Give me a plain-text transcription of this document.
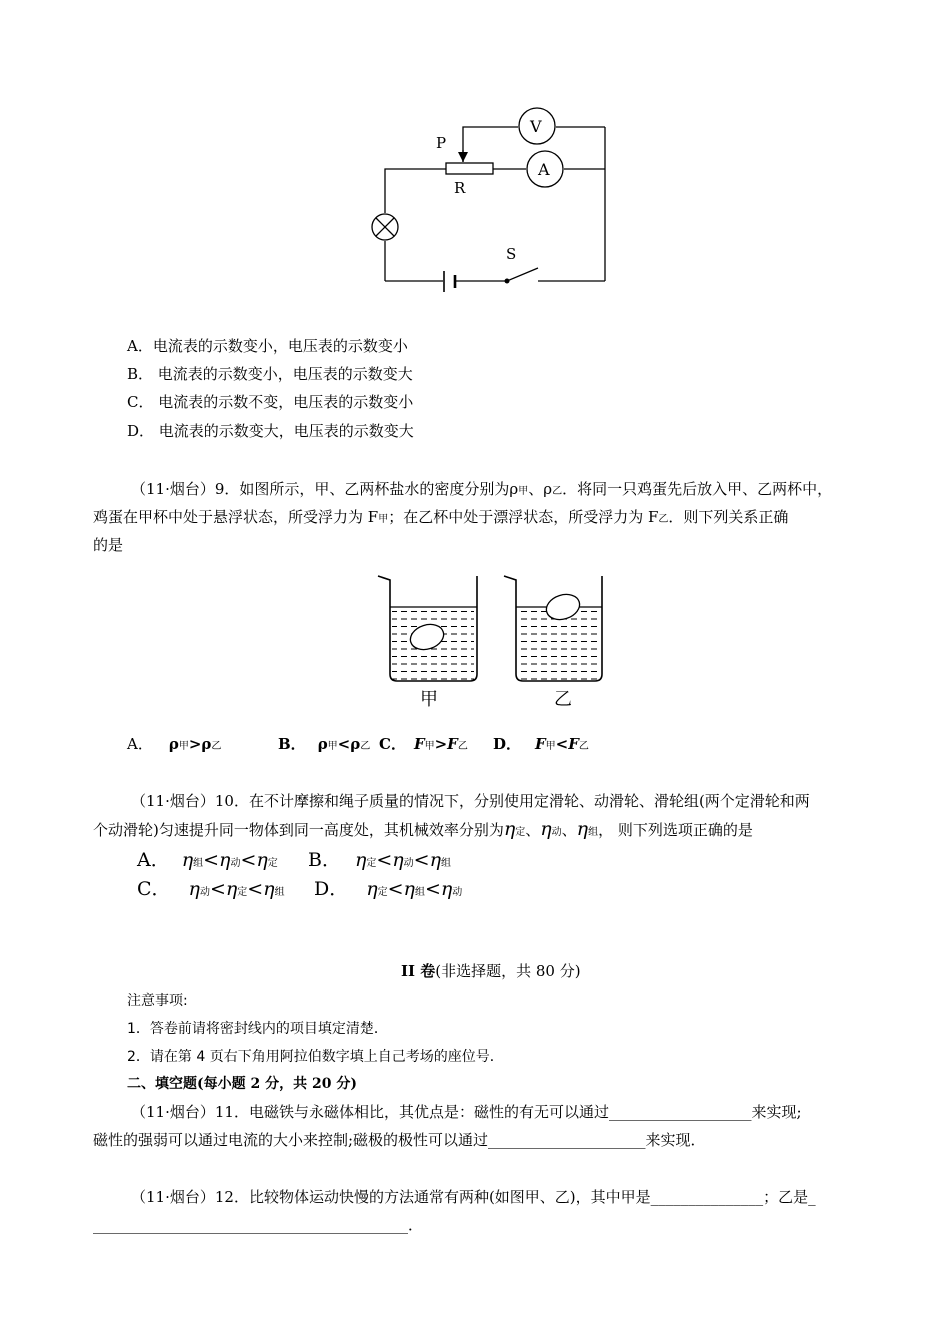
P
R
V
A
S
A．电流表的示数变小，电压表的示数变小
B． 电流表的示数变小，电压表的示数变大
C． 电流表的示数不变，电压表的示数变小
D． 电流表的示数变大，电压表的示数变大
（11·烟台）9．如图所示，甲、乙两杯盐水的密度分别为ρ甲、ρ乙．将同一只鸡蛋先后放入甲、乙两杯中，
鸡蛋在甲杯中处于悬浮状态，所受浮力为 F甲；在乙杯中处于漂浮状态，所受浮力为 F乙．则下列关系正确
的是
甲	乙
A． ρ甲>ρ乙	B． ρ甲<ρ乙 C． F甲>F乙 D． F甲<F乙
（11·烟台）10．在不计摩擦和绳子质量的情况下，分别使用定滑轮、动滑轮、滑轮组(两个定滑轮和两
个动滑轮)匀速提升同一物体到同一高度处，其机械效率分别为η定、η动、η组， 则下列选项正确的是
A． η组<η动<η定 B． η定<η动<η组
C． η动<η定<η组 D． η定<η组<η动
II 卷(非选择题，共 80 分)
注意事项:
1．答卷前请将密封线内的项目填定清楚．
2．请在第 4 页右下角用阿拉伯数字填上自己考场的座位号．
二、填空题(每小题 2 分，共 20 分)
（11·烟台）11．电磁铁与永磁体相比，其优点是：磁性的有无可以通过___________________来实现;
磁性的强弱可以通过电流的大小来控制;磁极的极性可以通过_____________________来实现．
（11·烟台）12．比较物体运动快慢的方法通常有两种(如图甲、乙)，其中甲是_______________；乙是_
__________________________________________．
